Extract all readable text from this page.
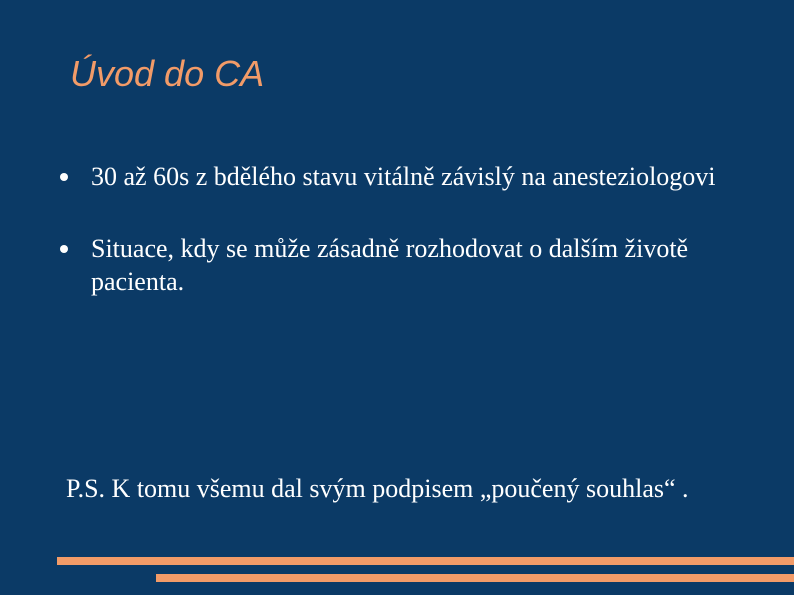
Úvod do CA
30 až 60s z bdělého stavu vitálně závislý na anesteziologovi
Situace, kdy se může zásadně rozhodovat o dalším životě pacienta.
P.S. K tomu všemu dal svým podpisem „poučený souhlas“ .
